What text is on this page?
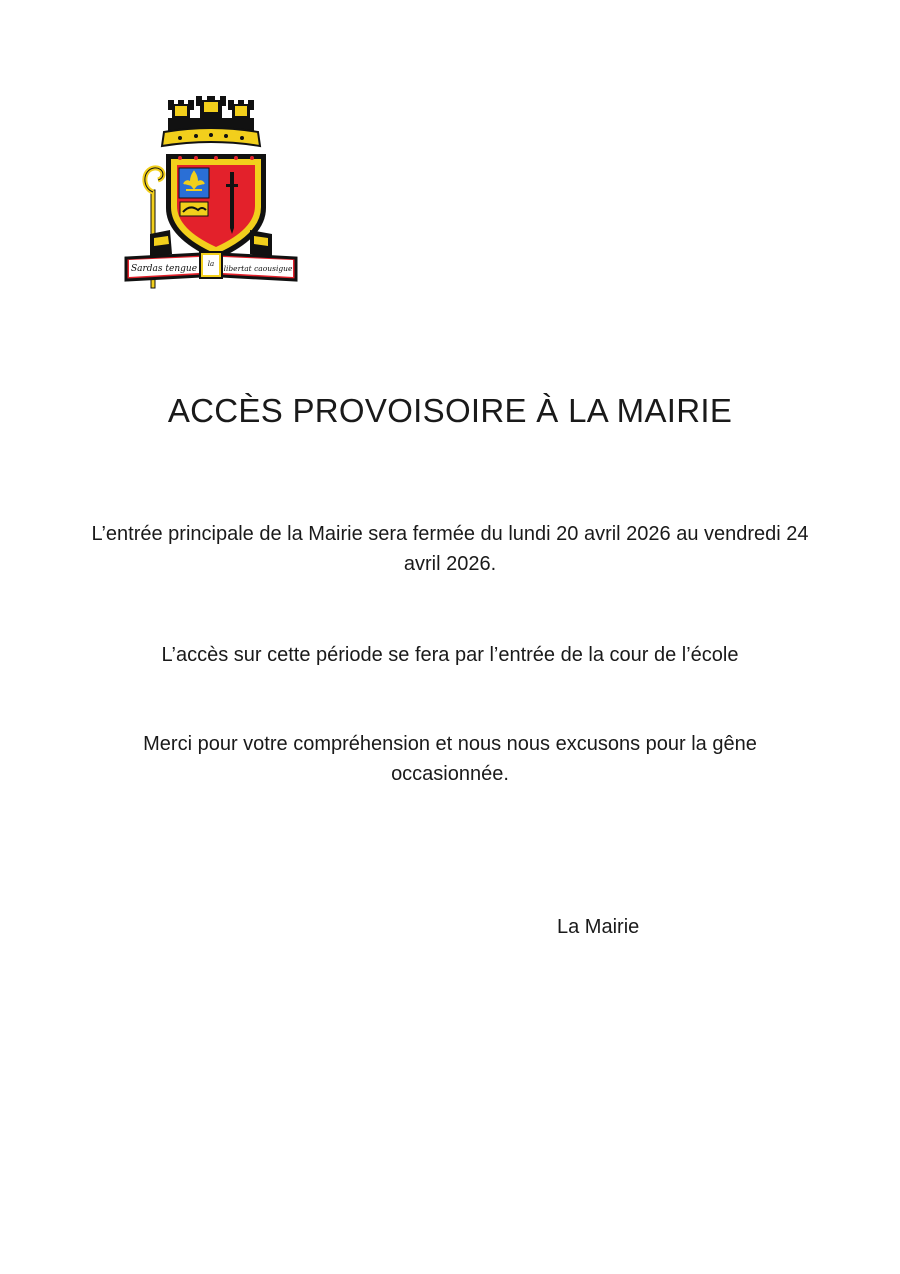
Sardas tengue la libertat caousigue
ACCÈS PROVOISOIRE À LA MAIRIE

L’entrée principale de la Mairie sera fermée du lundi 20 avril 2026 au vendredi 24 avril 2026.

L’accès sur cette période se fera par l’entrée de la cour de l’école

Merci pour votre compréhension et nous nous excusons pour la gêne occasionnée.

La Mairie
